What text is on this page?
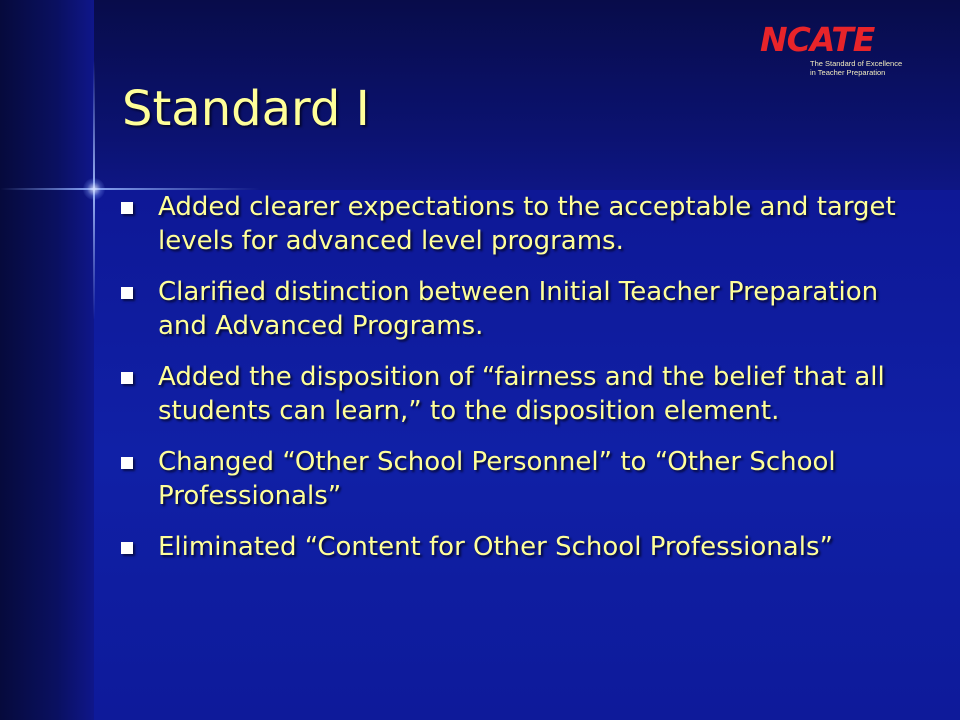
NCATE
The Standard of Excellence
in Teacher Preparation
Standard I
Added clearer expectations to the acceptable and target levels for advanced level programs.
Clarified distinction between Initial Teacher Preparation and Advanced Programs.
Added the disposition of “fairness and the belief that all students can learn,” to the disposition element.
Changed “Other School Personnel” to “Other School Professionals”
Eliminated “Content for Other School Professionals”
